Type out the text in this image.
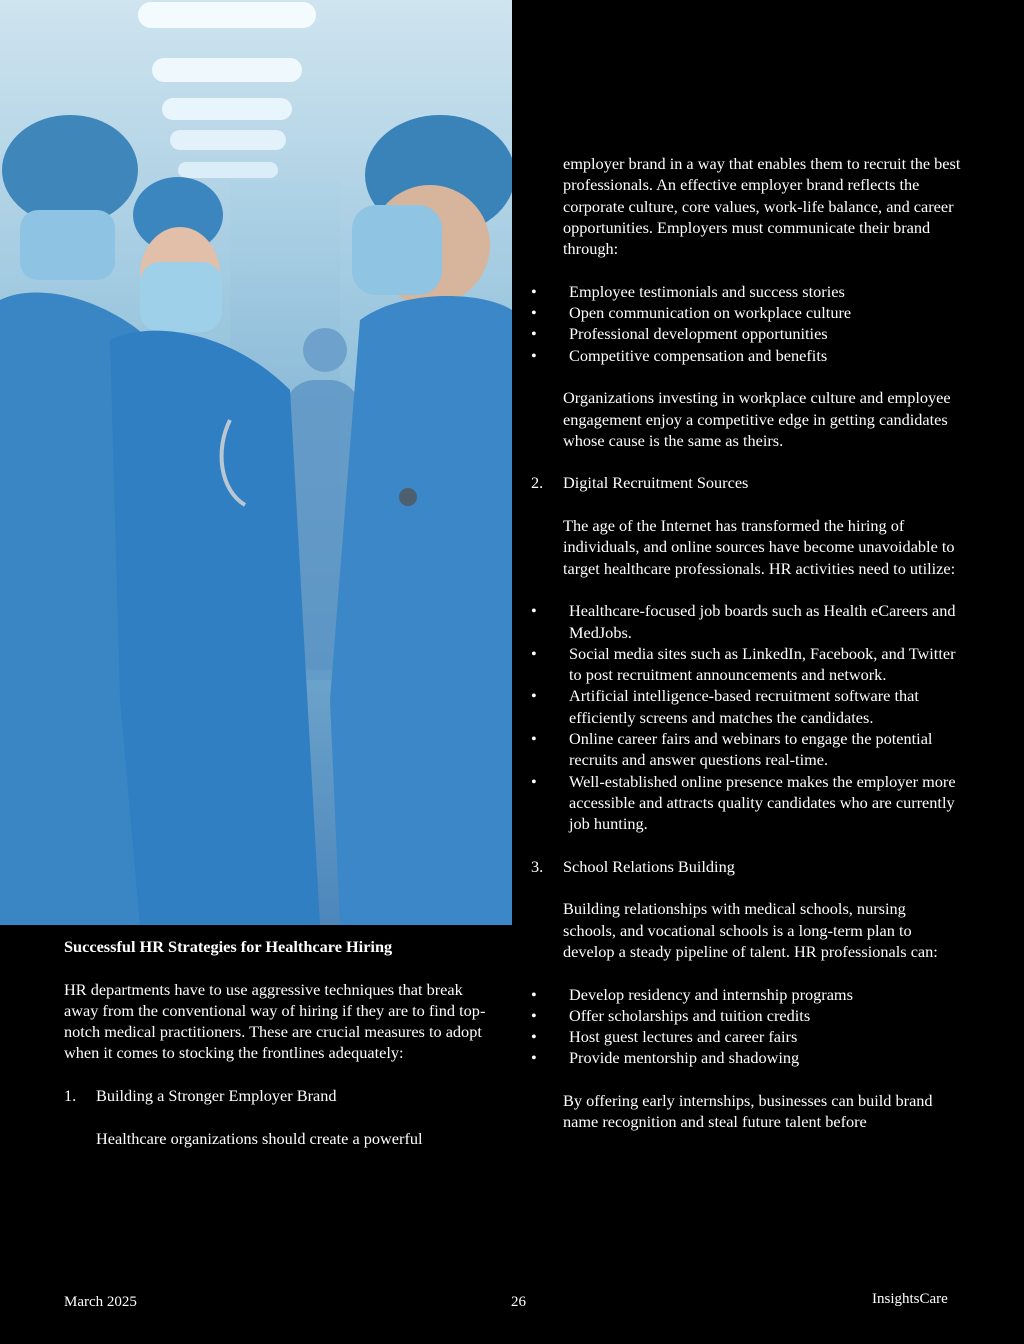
Successful HR Strategies for Healthcare Hiring

HR departments have to use aggressive techniques that break away from the conventional way of hiring if they are to find top-notch medical practitioners. These are crucial measures to adopt when it comes to stocking the frontlines adequately:

1. Building a Stronger Employer Brand

Healthcare organizations should create a powerful

employer brand in a way that enables them to recruit the best professionals. An effective employer brand reflects the corporate culture, core values, work-life balance, and career opportunities. Employers must communicate their brand through:

• Employee testimonials and success stories
• Open communication on workplace culture
• Professional development opportunities
• Competitive compensation and benefits

Organizations investing in workplace culture and employee engagement enjoy a competitive edge in getting candidates whose cause is the same as theirs.

2. Digital Recruitment Sources

The age of the Internet has transformed the hiring of individuals, and online sources have become unavoidable to target healthcare professionals. HR activities need to utilize:

• Healthcare-focused job boards such as Health eCareers and MedJobs.
• Social media sites such as LinkedIn, Facebook, and Twitter to post recruitment announcements and network.
• Artificial intelligence-based recruitment software that efficiently screens and matches the candidates.
• Online career fairs and webinars to engage the potential recruits and answer questions real-time.
• Well-established online presence makes the employer more accessible and attracts quality candidates who are currently job hunting.

3. School Relations Building

Building relationships with medical schools, nursing schools, and vocational schools is a long-term plan to develop a steady pipeline of talent. HR professionals can:

• Develop residency and internship programs
• Offer scholarships and tuition credits
• Host guest lectures and career fairs
• Provide mentorship and shadowing

By offering early internships, businesses can build brand name recognition and steal future talent before

March 2025	26	InsightsCare
